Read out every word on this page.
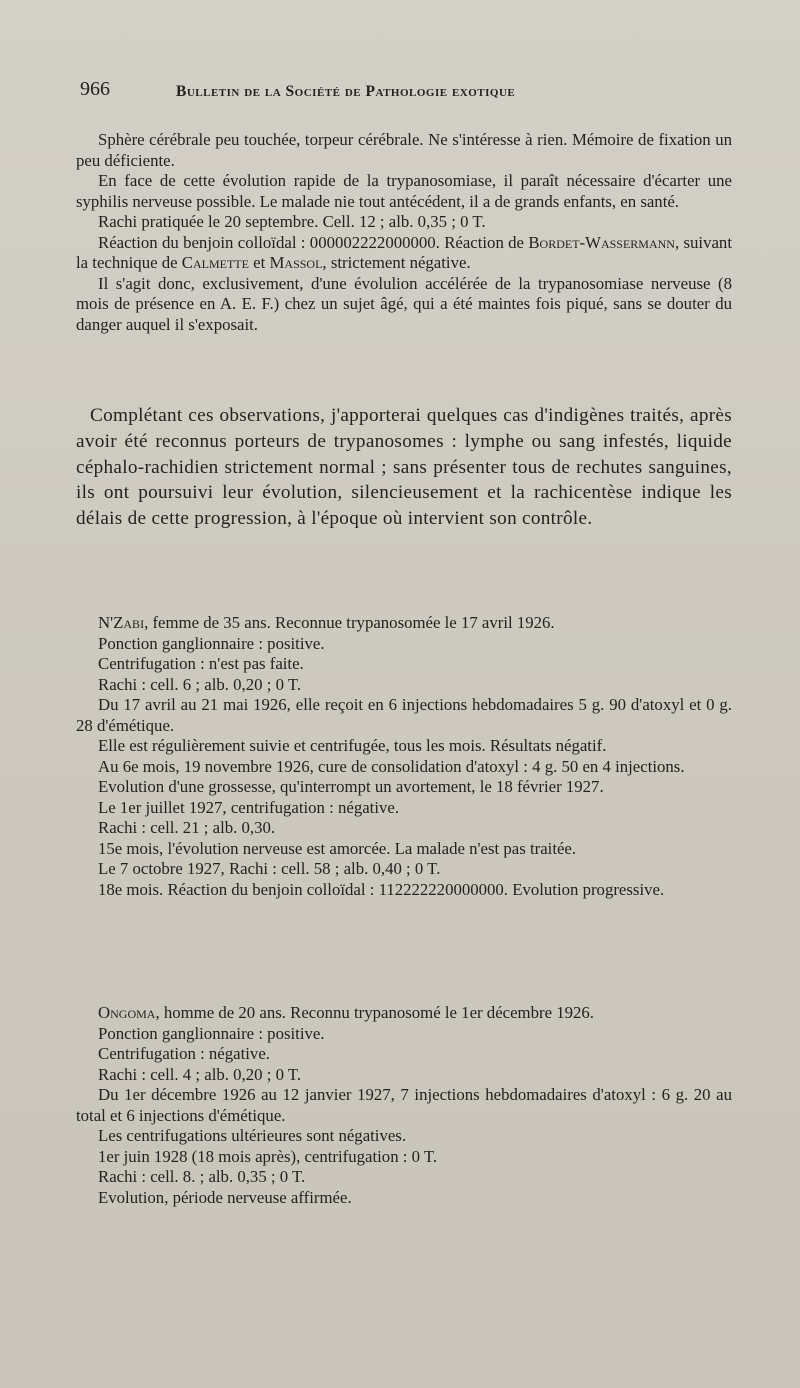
966	Bulletin de la Société de Pathologie exotique

Sphère cérébrale peu touchée, torpeur cérébrale. Ne s'intéresse à rien. Mémoire de fixation un peu déficiente.

En face de cette évolution rapide de la trypanosomiase, il paraît nécessaire d'écarter une syphilis nerveuse possible. Le malade nie tout antécédent, il a de grands enfants, en santé.

Rachi pratiquée le 20 septembre. Cell. 12 ; alb. 0,35 ; 0 T.

Réaction du benjoin colloïdal : 000002222000000. Réaction de Bordet-Wassermann, suivant la technique de Calmette et Massol, strictement négative.

Il s'agit donc, exclusivement, d'une évolulion accélérée de la trypanosomiase nerveuse (8 mois de présence en A. E. F.) chez un sujet âgé, qui a été maintes fois piqué, sans se douter du danger auquel il s'exposait.

Complétant ces observations, j'apporterai quelques cas d'indigènes traités, après avoir été reconnus porteurs de trypanosomes : lymphe ou sang infestés, liquide céphalo-rachidien strictement normal ; sans présenter tous de rechutes sanguines, ils ont poursuivi leur évolution, silencieusement et la rachicentèse indique les délais de cette progression, à l'époque où intervient son contrôle.

N'Zabi, femme de 35 ans. Reconnue trypanosomée le 17 avril 1926.

Ponction ganglionnaire : positive.

Centrifugation : n'est pas faite.

Rachi : cell. 6 ; alb. 0,20 ; 0 T.

Du 17 avril au 21 mai 1926, elle reçoit en 6 injections hebdomadaires 5 g. 90 d'atoxyl et 0 g. 28 d'émétique.

Elle est régulièrement suivie et centrifugée, tous les mois. Résultats négatif.

Au 6e mois, 19 novembre 1926, cure de consolidation d'atoxyl : 4 g. 50 en 4 injections.

Evolution d'une grossesse, qu'interrompt un avortement, le 18 février 1927.

Le 1er juillet 1927, centrifugation : négative.

Rachi : cell. 21 ; alb. 0,30.

15e mois, l'évolution nerveuse est amorcée. La malade n'est pas traitée.

Le 7 octobre 1927, Rachi : cell. 58 ; alb. 0,40 ; 0 T.

18e mois. Réaction du benjoin colloïdal : 112222220000000. Evolution progressive.

Ongoma, homme de 20 ans. Reconnu trypanosomé le 1er décembre 1926.

Ponction ganglionnaire : positive.

Centrifugation : négative.

Rachi : cell. 4 ; alb. 0,20 ; 0 T.

Du 1er décembre 1926 au 12 janvier 1927, 7 injections hebdomadaires d'atoxyl : 6 g. 20 au total et 6 injections d'émétique.

Les centrifugations ultérieures sont négatives.

1er juin 1928 (18 mois après), centrifugation : 0 T.

Rachi : cell. 8. ; alb. 0,35 ; 0 T.

Evolution, période nerveuse affirmée.
